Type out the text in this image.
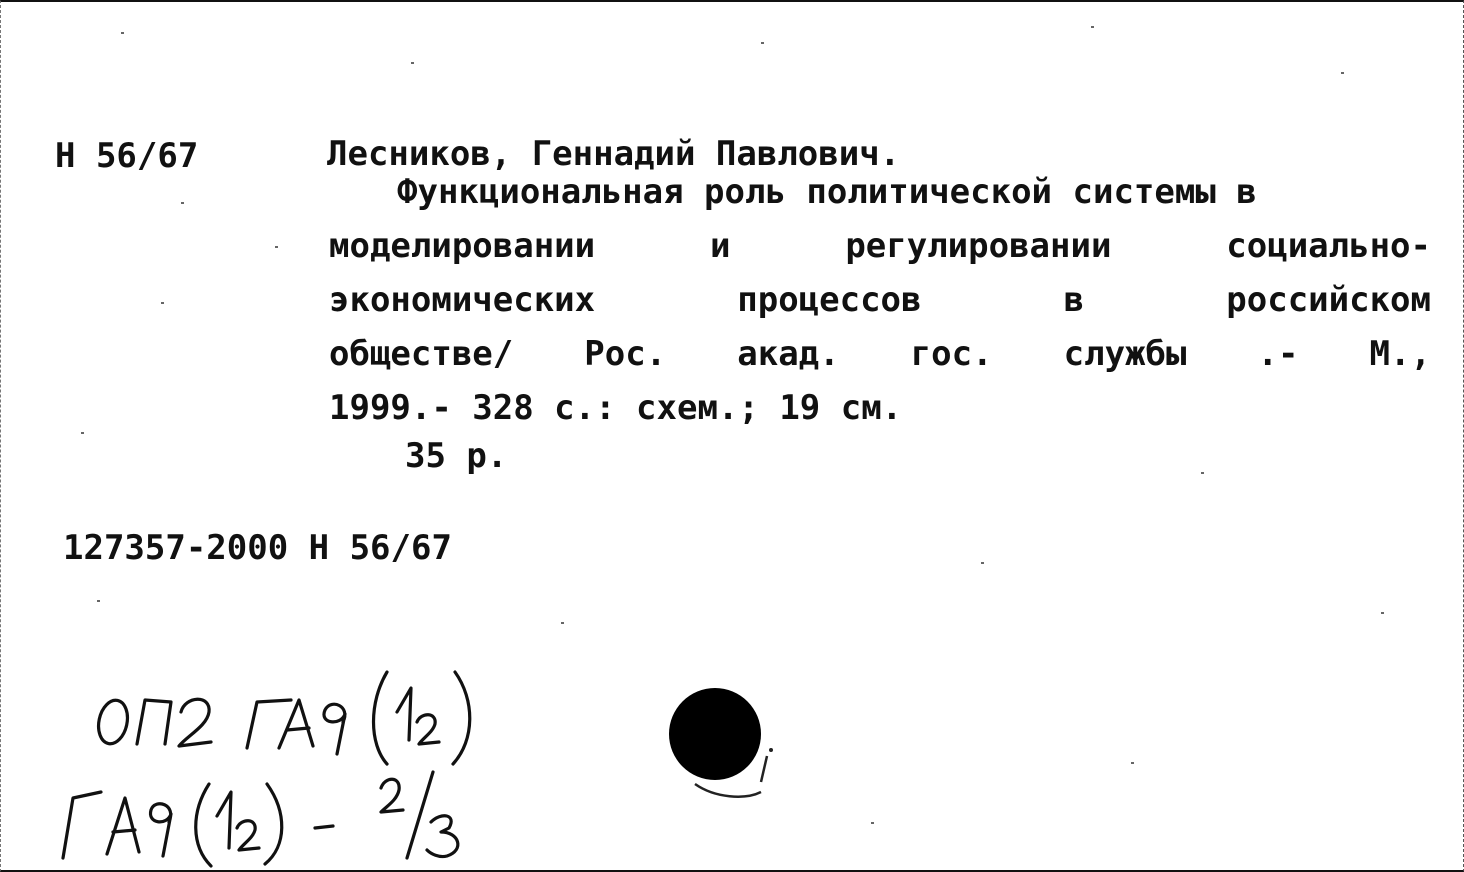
Н 56/67	Лесников, Геннадий Павлович.
Функциональная роль политической системы в
моделировании	и	регулировании	социально-
экономических	процессов	в	российском
обществе/ Рос. акад. гос. службы .- М.,
1999.- 328 с.: схем.; 19 см.
35 р.
127357-2000 Н 56/67
